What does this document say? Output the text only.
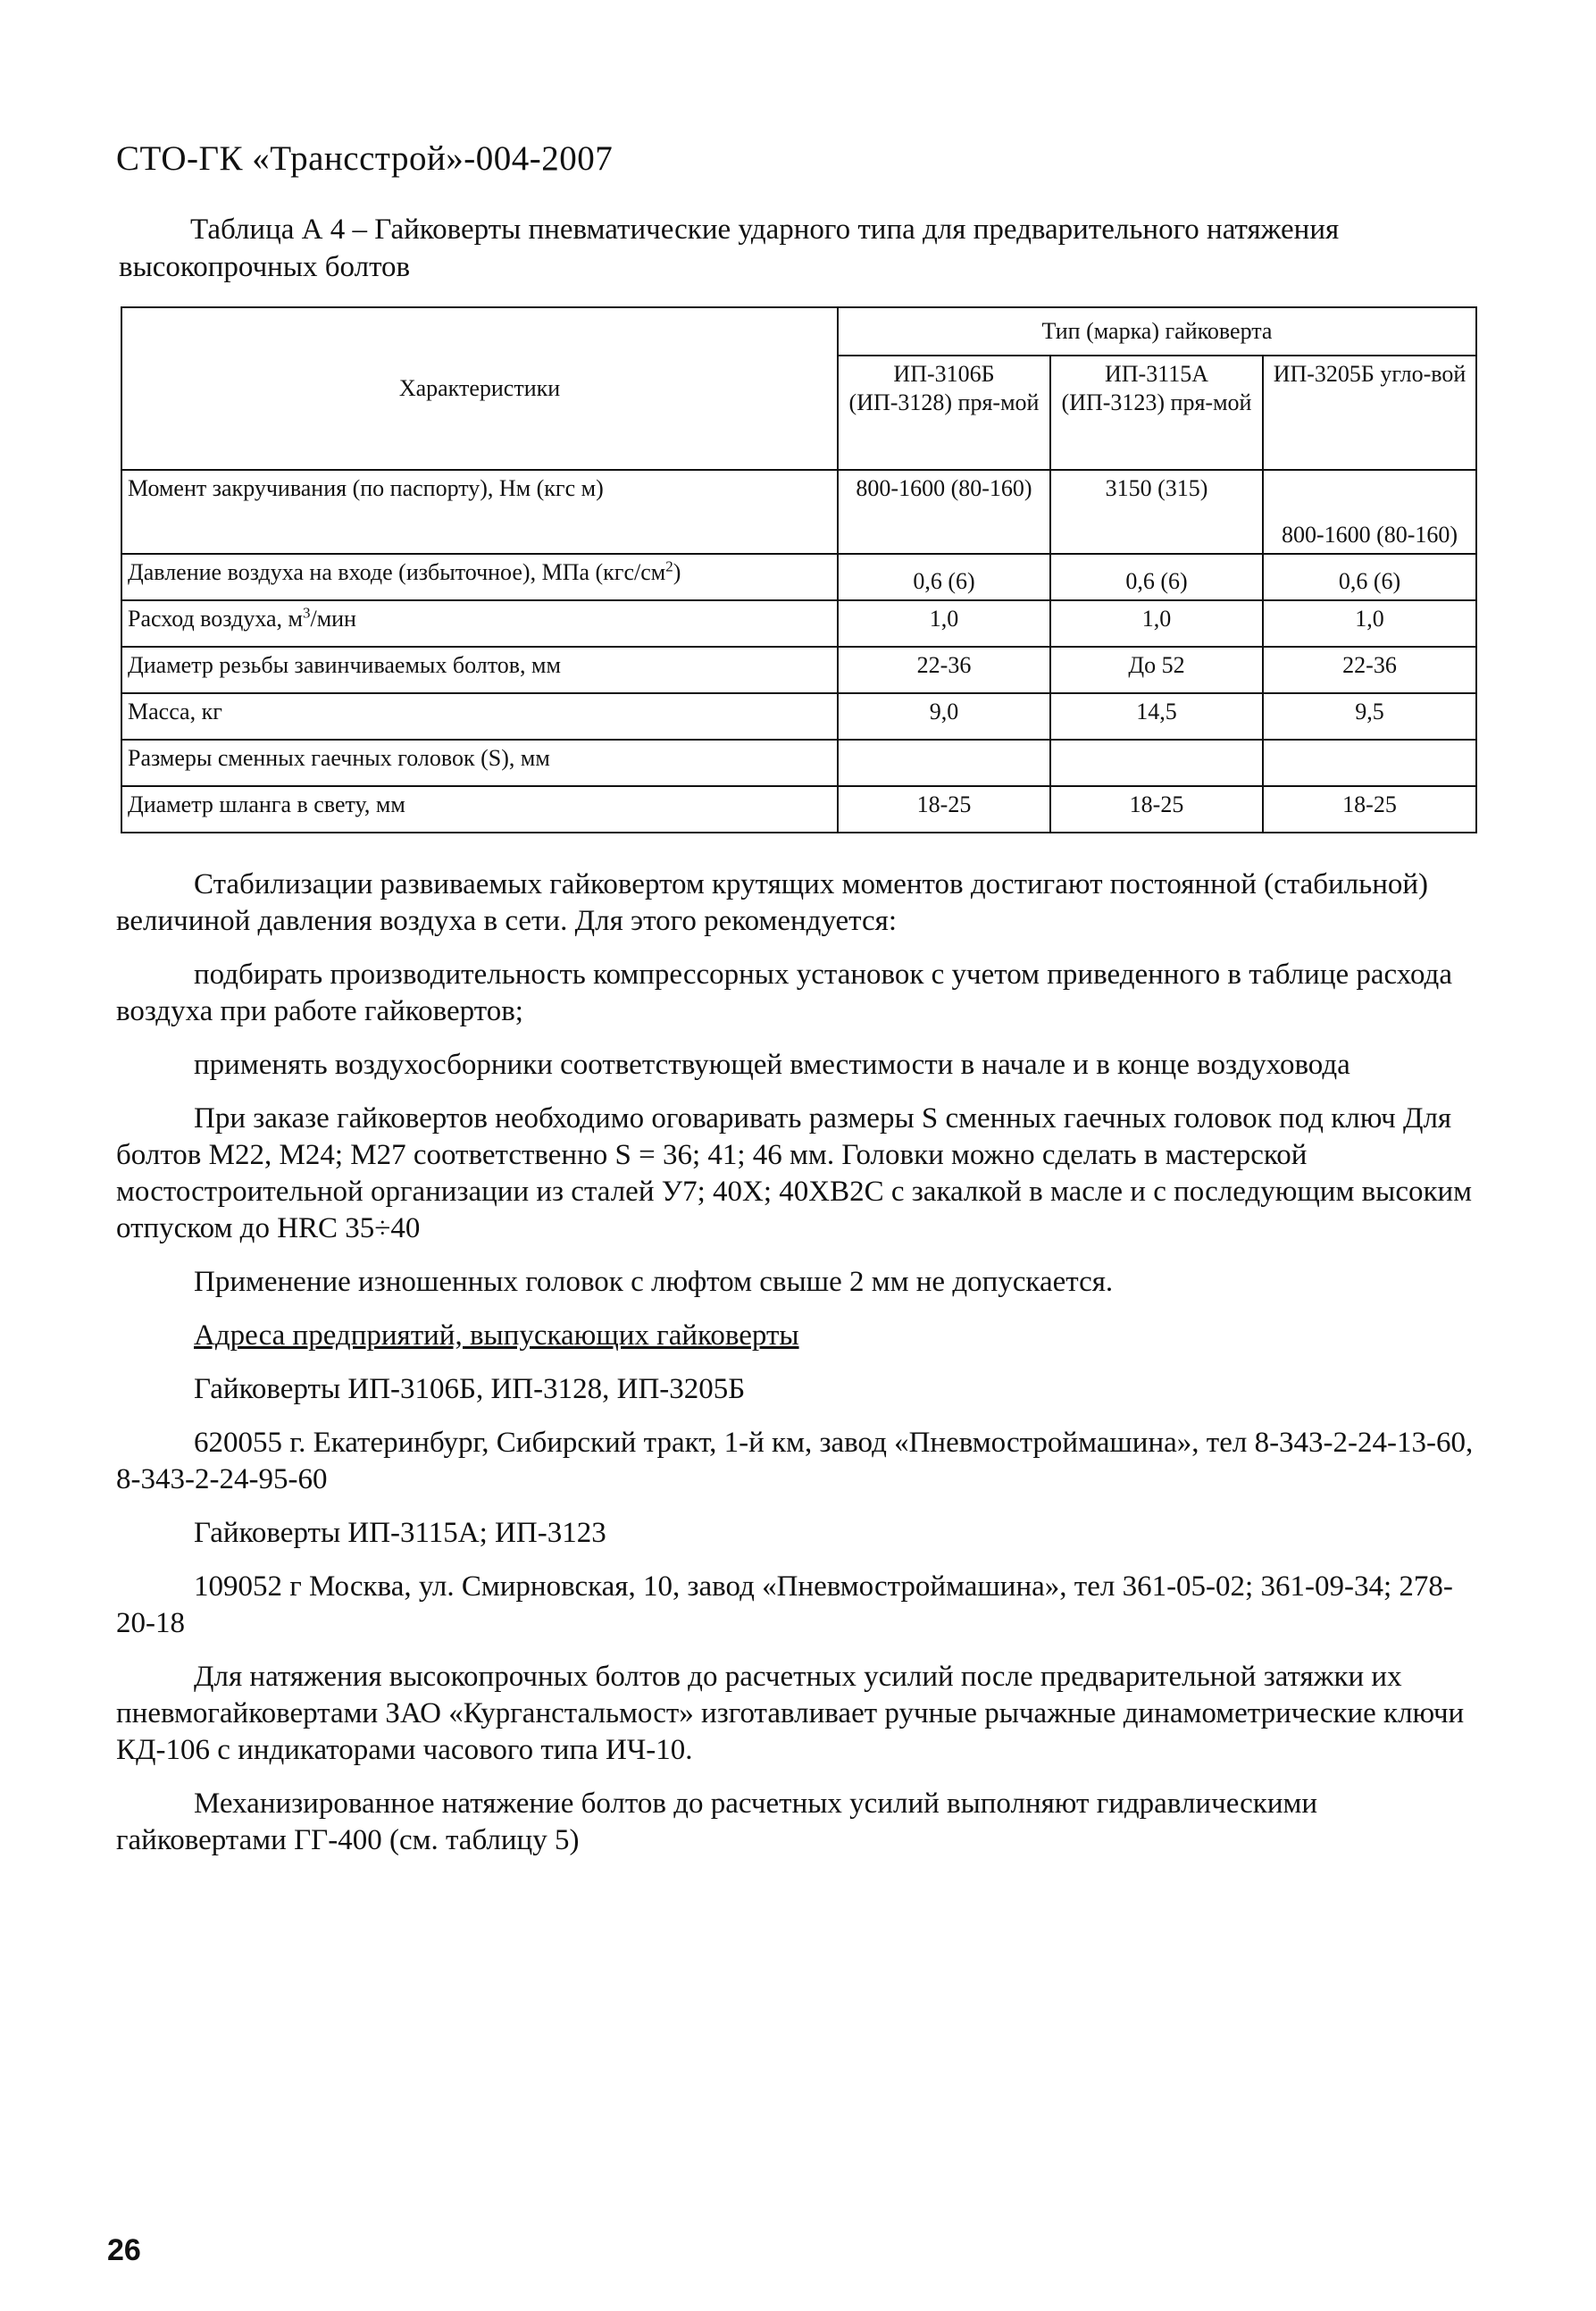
СТО-ГК «Трансстрой»-004-2007
Таблица А 4 – Гайковерты пневматические ударного типа для предварительного натяжения высокопрочных болтов
Характеристики	Тип (марка) гайковерта		
	ИП-3106Б (ИП-3128) пря-мой	ИП-3115А (ИП-3123) пря-мой	ИП-3205Б угло-вой
Момент закручивания (по паспорту), Нм (кгс м)	800-1600 (80-160)	3150 (315)	800-1600 (80-160)
Давление воздуха на входе (избыточное), МПа $(кгс/см^2)$	0,6 (6)	0,6 (6)	0,6 (6)
Расход воздуха, $м^3$/мин	1,0	1,0	1,0
Диаметр резьбы завинчиваемых болтов, мм	22-36	До 52	22-36
Масса, кг	9,0	14,5	9,5
Размеры сменных гаечных головок (S), мм			
Диаметр шланга в свету, мм	18-25	18-25	18-25

Стабилизации развиваемых гайковертом крутящих моментов достигают постоянной (стабильной) величиной давления воздуха в сети. Для этого рекомендуется:

подбирать производительность компрессорных установок с учетом приведенного в таблице расхода воздуха при работе гайковертов;

применять воздухосборники соответствующей вместимости в начале и в конце воздуховода

При заказе гайковертов необходимо оговаривать размеры S сменных гаечных головок под ключ Для болтов М22, М24; М27 соответственно S = 36; 41; 46 мм. Головки можно сделать в мастерской мостостроительной организации из сталей У7; 40Х; 40ХВ2С с закалкой в масле и с последующим высоким отпуском до HRC 35÷40

Применение изношенных головок с люфтом свыше 2 мм не допускается.

Адреса предприятий, выпускающих гайковерты

Гайковерты ИП-3106Б, ИП-3128, ИП-3205Б

620055 г. Екатеринбург, Сибирский тракт, 1-й км, завод «Пневмостроймашина», тел 8-343-2-24-13-60, 8-343-2-24-95-60

Гайковерты ИП-3115А; ИП-3123

109052 г Москва, ул. Смирновская, 10, завод «Пневмостроймашина», тел 361-05-02; 361-09-34; 278-20-18

Для натяжения высокопрочных болтов до расчетных усилий после предварительной затяжки их пневмогайковертами ЗАО «Курганстальмост» изготавливает ручные рычажные динамометрические ключи КД-106 с индикаторами часового типа ИЧ-10.

Механизированное натяжение болтов до расчетных усилий выполняют гидравлическими гайковертами ГГ-400 (см. таблицу 5)

26
